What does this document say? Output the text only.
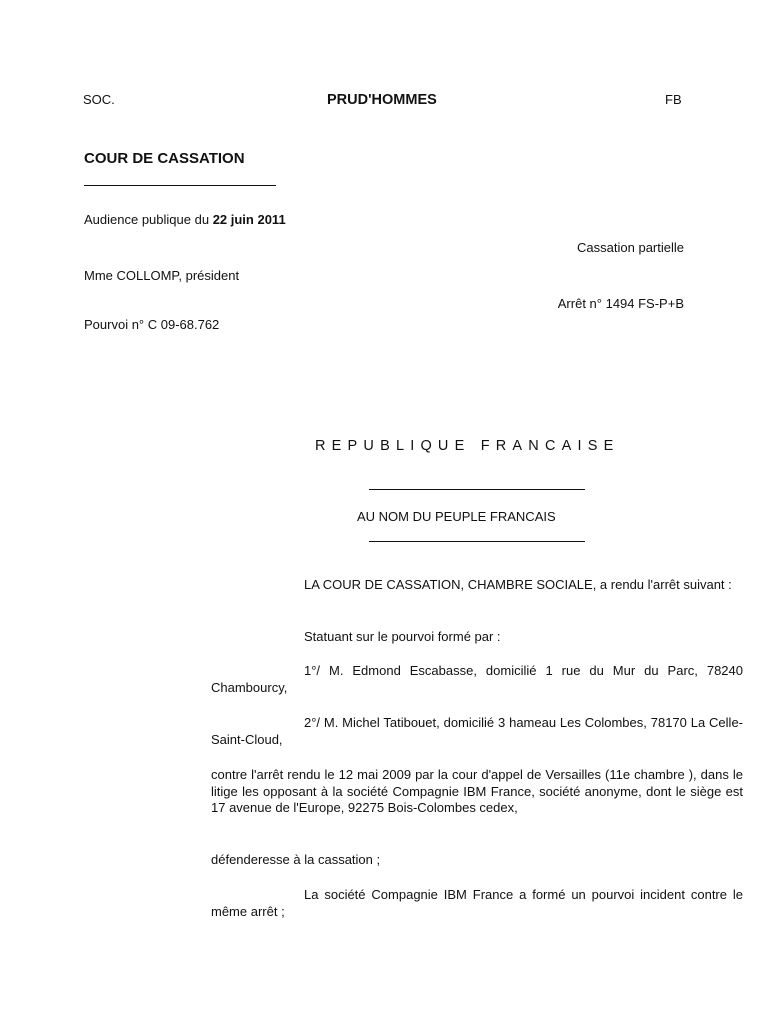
SOC.	PRUD'HOMMES	FB
COUR DE CASSATION
Audience publique du 22 juin 2011
Cassation partielle
Mme COLLOMP, président
Arrêt n° 1494 FS-P+B
Pourvoi n° C 09-68.762
REPUBLIQUE FRANCAISE
AU NOM DU PEUPLE FRANCAIS
LA COUR DE CASSATION, CHAMBRE SOCIALE, a rendu l'arrêt suivant :
Statuant sur le pourvoi formé par :
1°/ M. Edmond Escabasse, domicilié 1 rue du Mur du Parc, 78240 Chambourcy,
2°/ M. Michel Tatibouet, domicilié 3 hameau Les Colombes, 78170 La Celle-Saint-Cloud,
contre l'arrêt rendu le 12 mai 2009 par la cour d'appel de Versailles (11e chambre ), dans le litige les opposant à la société Compagnie IBM France, société anonyme, dont le siège est 17 avenue de l'Europe, 92275 Bois-Colombes cedex,
défenderesse à la cassation ;
La société Compagnie IBM France a formé un pourvoi incident contre le même arrêt ;
